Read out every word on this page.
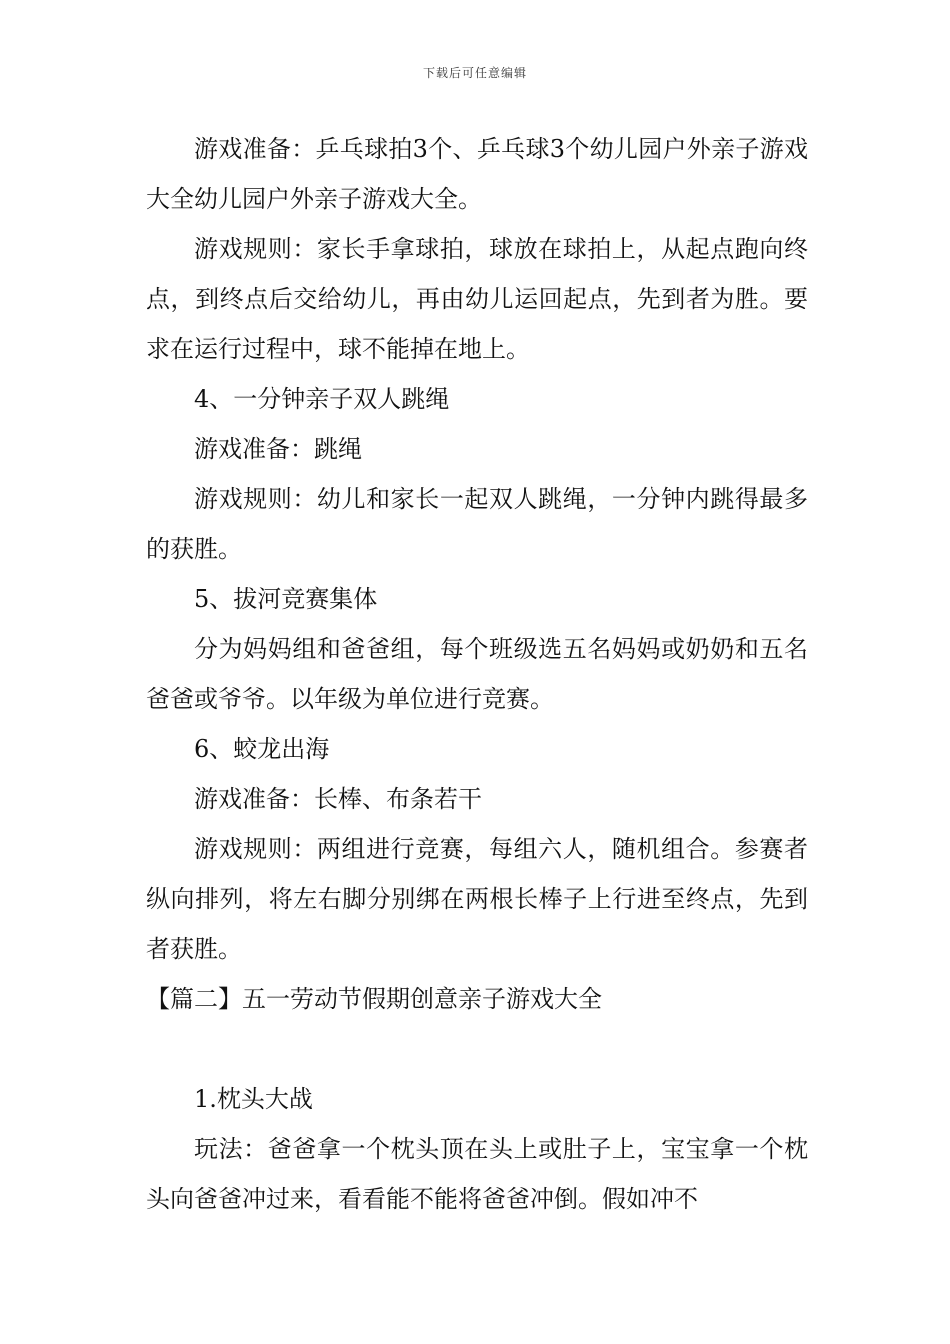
下载后可任意编辑

游戏准备：乒乓球拍3个、乒乓球3个幼儿园户外亲子游戏大全幼儿园户外亲子游戏大全。

游戏规则：家长手拿球拍，球放在球拍上，从起点跑向终点，到终点后交给幼儿，再由幼儿运回起点，先到者为胜。要求在运行过程中，球不能掉在地上。

4、一分钟亲子双人跳绳

游戏准备：跳绳

游戏规则：幼儿和家长一起双人跳绳，一分钟内跳得最多的获胜。

5、拔河竞赛集体

分为妈妈组和爸爸组，每个班级选五名妈妈或奶奶和五名爸爸或爷爷。以年级为单位进行竞赛。

6、蛟龙出海

游戏准备：长棒、布条若干

游戏规则：两组进行竞赛，每组六人，随机组合。参赛者纵向排列，将左右脚分别绑在两根长棒子上行进至终点，先到者获胜。

【篇二】五一劳动节假期创意亲子游戏大全

1.枕头大战

玩法：爸爸拿一个枕头顶在头上或肚子上，宝宝拿一个枕头向爸爸冲过来，看看能不能将爸爸冲倒。假如冲不
